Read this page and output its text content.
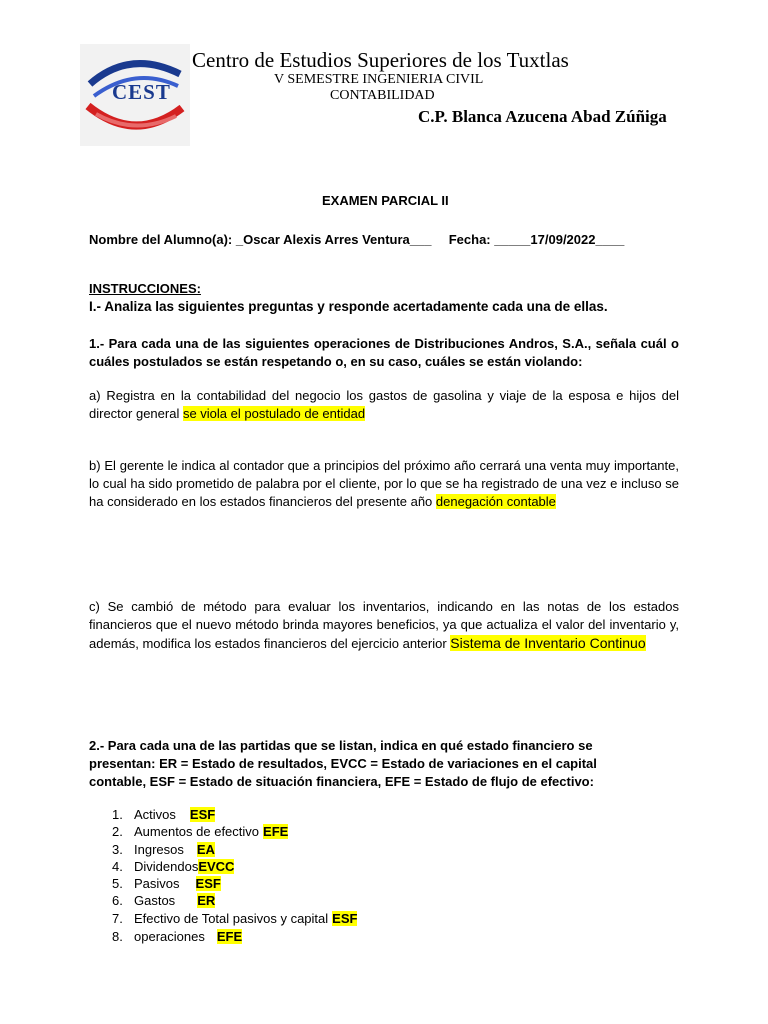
CEST
Centro de Estudios Superiores de los Tuxtlas
V SEMESTRE INGENIERIA CIVIL
CONTABILIDAD
C.P. Blanca Azucena Abad Zúñiga
EXAMEN PARCIAL II
Nombre del Alumno(a): _Oscar Alexis Arres Ventura___ Fecha: _____17/09/2022____
INSTRUCCIONES:
I.- Analiza las siguientes preguntas y responde acertadamente cada una de ellas.
1.- Para cada una de las siguientes operaciones de Distribuciones Andros, S.A., señala cuál o cuáles postulados se están respetando o, en su caso, cuáles se están violando:
a) Registra en la contabilidad del negocio los gastos de gasolina y viaje de la esposa e hijos del director general se viola el postulado de entidad
b) El gerente le indica al contador que a principios del próximo año cerrará una venta muy importante, lo cual ha sido prometido de palabra por el cliente, por lo que se ha registrado de una vez e incluso se ha considerado en los estados financieros del presente año denegación contable
c) Se cambió de método para evaluar los inventarios, indicando en las notas de los estados financieros que el nuevo método brinda mayores beneficios, ya que actualiza el valor del inventario y, además, modifica los estados financieros del ejercicio anterior Sistema de Inventario Continuo
2.- Para cada una de las partidas que se listan, indica en qué estado financiero se presentan: ER = Estado de resultados, EVCC = Estado de variaciones en el capital contable, ESF = Estado de situación financiera, EFE = Estado de flujo de efectivo:
1. Activos ESF
2. Aumentos de efectivo EFE
3. Ingresos EA
4. DividendosEVCC
5. Pasivos ESF
6. Gastos ER
7. Efectivo de Total pasivos y capital ESF
8. operaciones EFE
